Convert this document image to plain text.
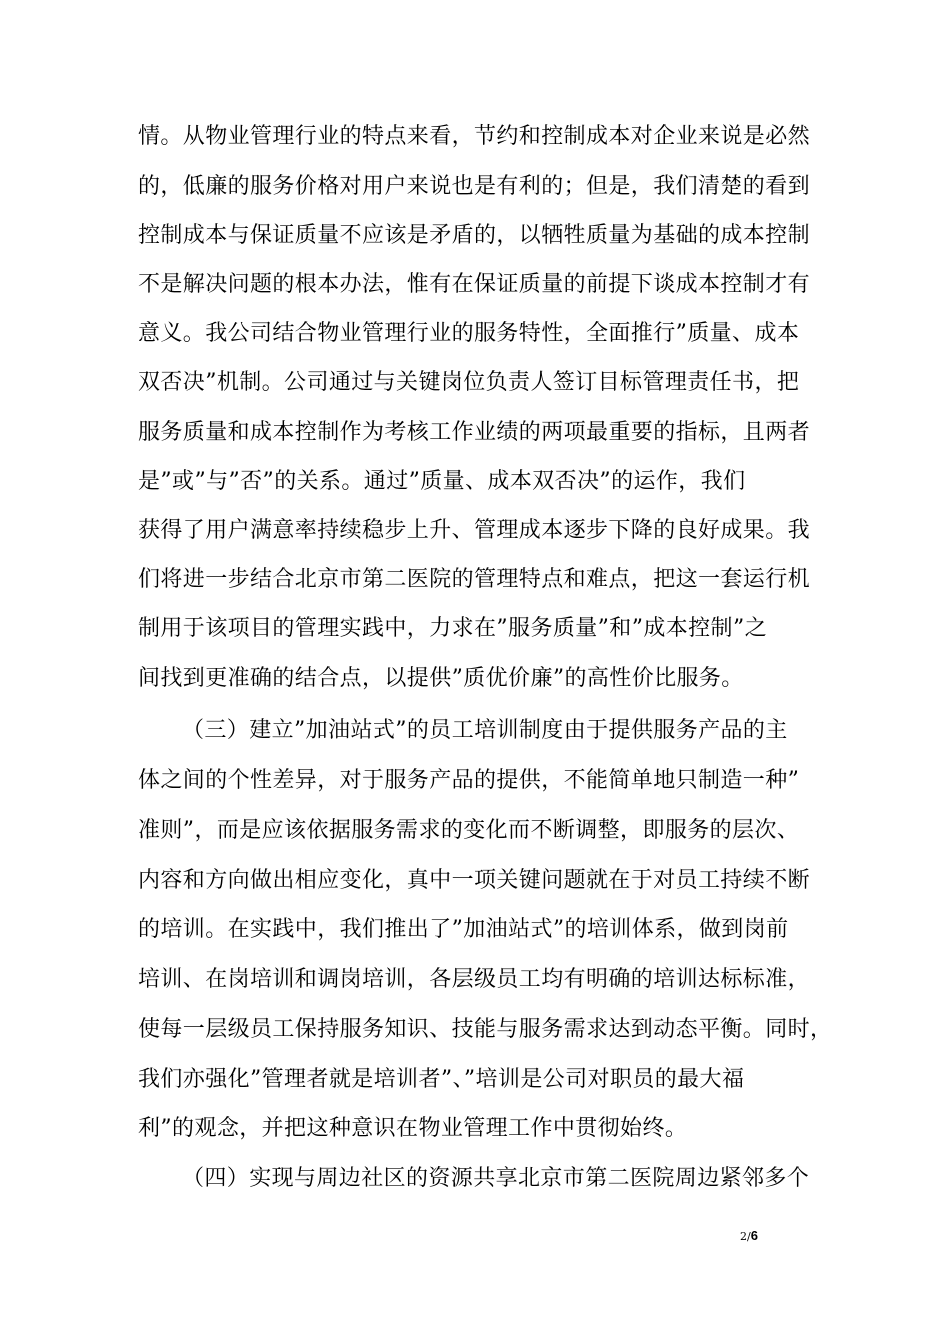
情。从物业管理行业的特点来看，节约和控制成本对企业来说是必然
的，低廉的服务价格对用户来说也是有利的；但是，我们清楚的看到
控制成本与保证质量不应该是矛盾的，以牺牲质量为基础的成本控制
不是解决问题的根本办法，惟有在保证质量的前提下谈成本控制才有
意义。我公司结合物业管理行业的服务特性，全面推行”质量、成本
双否决”机制。公司通过与关键岗位负责人签订目标管理责任书，把
服务质量和成本控制作为考核工作业绩的两项最重要的指标，且两者
是”或”与”否”的关系。通过”质量、成本双否决”的运作，我们
获得了用户满意率持续稳步上升、管理成本逐步下降的良好成果。我
们将进一步结合北京市第二医院的管理特点和难点，把这一套运行机
制用于该项目的管理实践中，力求在”服务质量”和”成本控制”之
间找到更准确的结合点，以提供”质优价廉”的高性价比服务。
（三）建立”加油站式”的员工培训制度由于提供服务产品的主
体之间的个性差异，对于服务产品的提供，不能简单地只制造一种”
准则”，而是应该依据服务需求的变化而不断调整，即服务的层次、
内容和方向做出相应变化，真中一项关键问题就在于对员工持续不断
的培训。在实践中，我们推出了”加油站式”的培训体系，做到岗前
培训、在岗培训和调岗培训，各层级员工均有明确的培训达标标准，
使每一层级员工保持服务知识、技能与服务需求达到动态平衡。同时，
我们亦强化”管理者就是培训者”、”培训是公司对职员的最大福
利”的观念，并把这种意识在物业管理工作中贯彻始终。
（四）实现与周边社区的资源共享北京市第二医院周边紧邻多个
2/6
